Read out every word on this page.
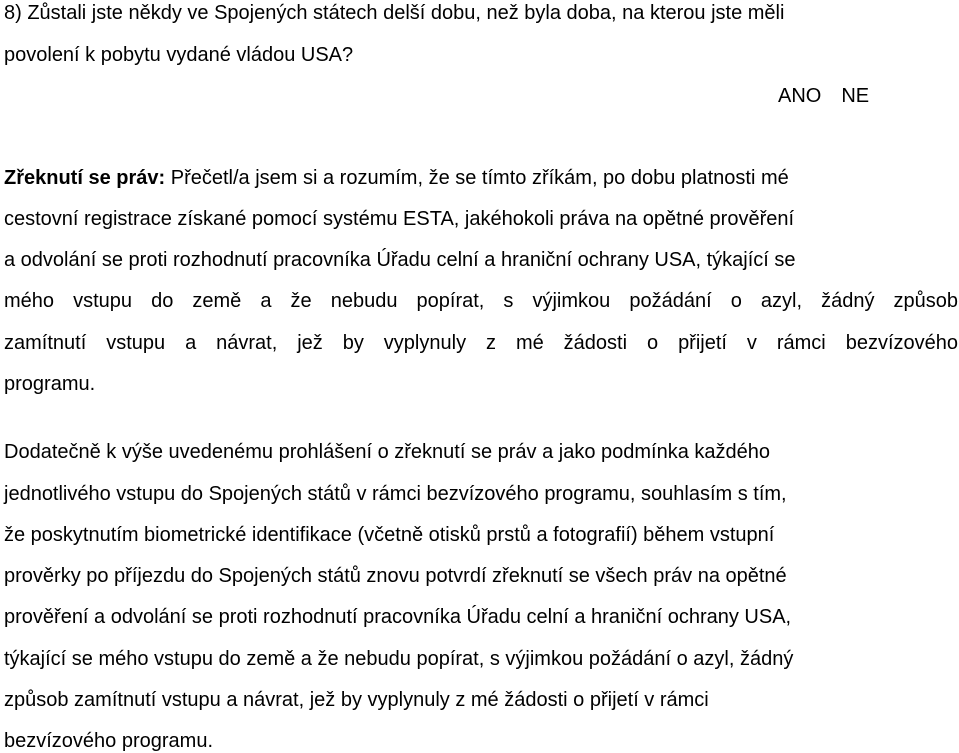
8) Zůstali jste někdy ve Spojených státech delší dobu, než byla doba, na kterou jste měli
povolení k pobytu vydané vládou USA?
ANO NE
Zřeknutí se práv: Přečetl/a jsem si a rozumím, že se tímto zříkám, po dobu platnosti mé
cestovní registrace získané pomocí systému ESTA, jakéhokoli práva na opětné prověření
a odvolání se proti rozhodnutí pracovníka Úřadu celní a hraniční ochrany USA, týkající se
mého vstupu do země a že nebudu popírat, s výjimkou požádání o azyl, žádný způsob
zamítnutí vstupu a návrat, jež by vyplynuly z mé žádosti o přijetí v rámci bezvízového
programu.
Dodatečně k výše uvedenému prohlášení o zřeknutí se práv a jako podmínka každého
jednotlivého vstupu do Spojených států v rámci bezvízového programu, souhlasím s tím,
že poskytnutím biometrické identifikace (včetně otisků prstů a fotografií) během vstupní
prověrky po příjezdu do Spojených států znovu potvrdí zřeknutí se všech práv na opětné
prověření a odvolání se proti rozhodnutí pracovníka Úřadu celní a hraniční ochrany USA,
týkající se mého vstupu do země a že nebudu popírat, s výjimkou požádání o azyl, žádný
způsob zamítnutí vstupu a návrat, jež by vyplynuly z mé žádosti o přijetí v rámci
bezvízového programu.
